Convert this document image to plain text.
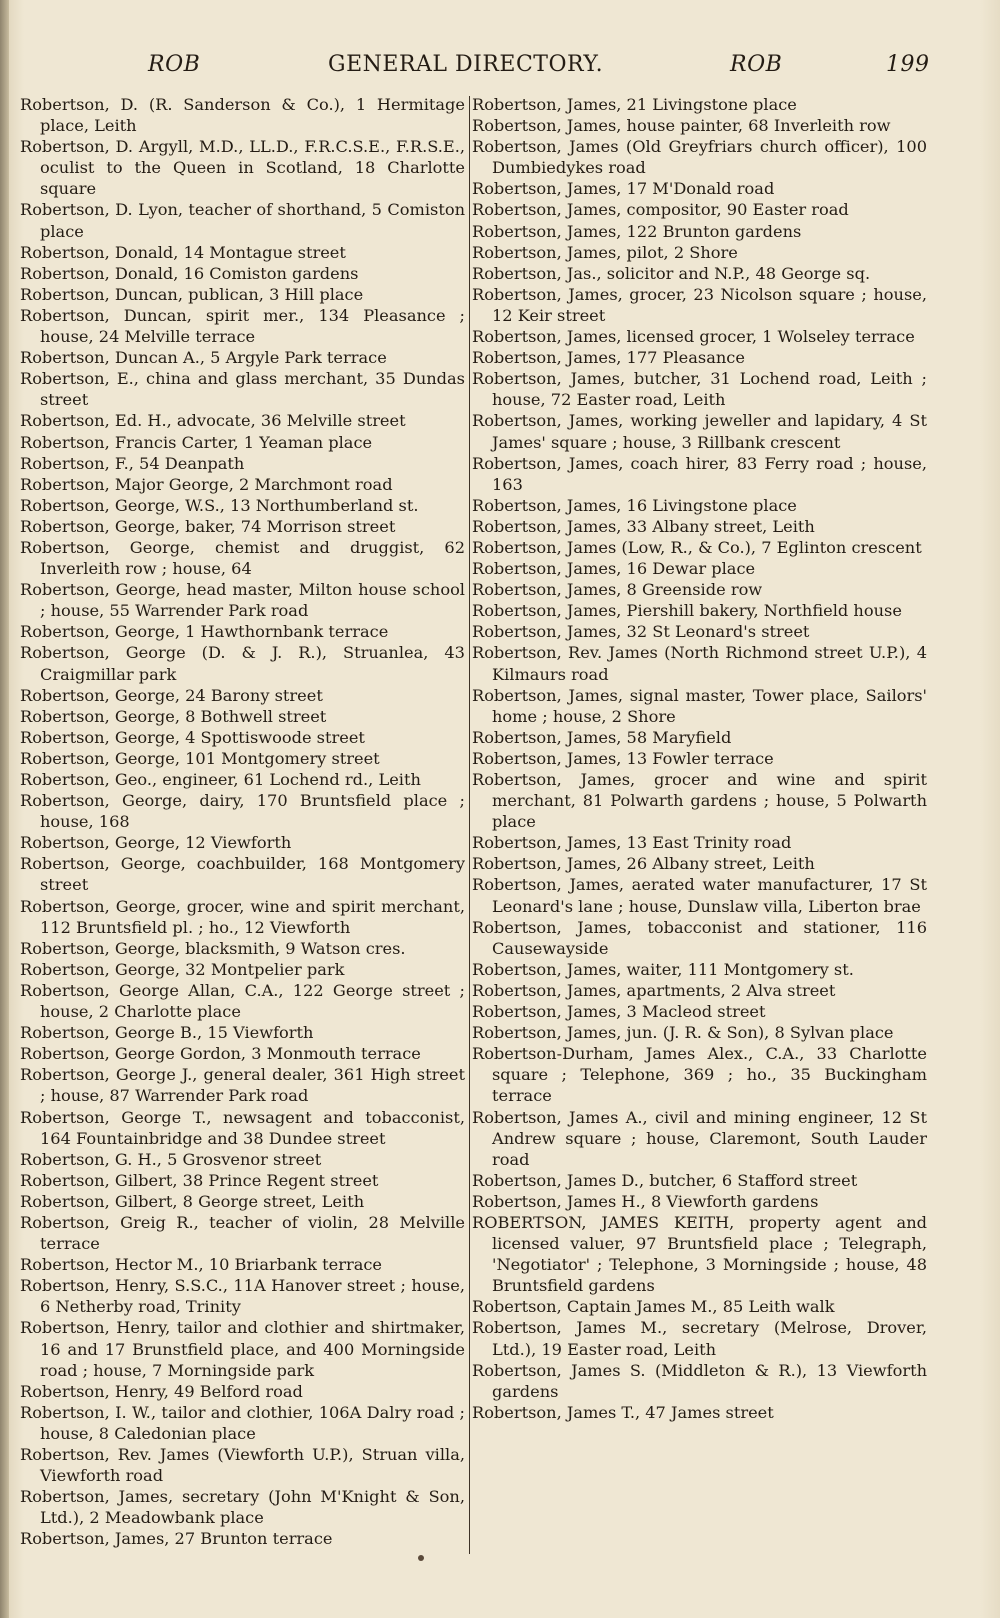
ROB	GENERAL DIRECTORY.	ROB	199

Robertson, D. (R. Sanderson & Co.), 1 Hermitage place, Leith

Robertson, D. Argyll, M.D., LL.D., F.R.C.S.E., F.R.S.E., oculist to the Queen in Scotland, 18 Charlotte square

Robertson, D. Lyon, teacher of shorthand, 5 Comiston place

Robertson, Donald, 14 Montague street

Robertson, Donald, 16 Comiston gardens

Robertson, Duncan, publican, 3 Hill place

Robertson, Duncan, spirit mer., 134 Pleasance ; house, 24 Melville terrace

Robertson, Duncan A., 5 Argyle Park terrace

Robertson, E., china and glass merchant, 35 Dundas street

Robertson, Ed. H., advocate, 36 Melville street

Robertson, Francis Carter, 1 Yeaman place

Robertson, F., 54 Deanpath

Robertson, Major George, 2 Marchmont road

Robertson, George, W.S., 13 Northumberland st.

Robertson, George, baker, 74 Morrison street

Robertson, George, chemist and druggist, 62 Inverleith row ; house, 64

Robertson, George, head master, Milton house school ; house, 55 Warrender Park road

Robertson, George, 1 Hawthornbank terrace

Robertson, George (D. & J. R.), Struanlea, 43 Craigmillar park

Robertson, George, 24 Barony street

Robertson, George, 8 Bothwell street

Robertson, George, 4 Spottiswoode street

Robertson, George, 101 Montgomery street

Robertson, Geo., engineer, 61 Lochend rd., Leith

Robertson, George, dairy, 170 Bruntsfield place ; house, 168

Robertson, George, 12 Viewforth

Robertson, George, coachbuilder, 168 Montgomery street

Robertson, George, grocer, wine and spirit merchant, 112 Bruntsfield pl. ; ho., 12 Viewforth

Robertson, George, blacksmith, 9 Watson cres.

Robertson, George, 32 Montpelier park

Robertson, George Allan, C.A., 122 George street ; house, 2 Charlotte place

Robertson, George B., 15 Viewforth

Robertson, George Gordon, 3 Monmouth terrace

Robertson, George J., general dealer, 361 High street ; house, 87 Warrender Park road

Robertson, George T., newsagent and tobacconist, 164 Fountainbridge and 38 Dundee street

Robertson, G. H., 5 Grosvenor street

Robertson, Gilbert, 38 Prince Regent street

Robertson, Gilbert, 8 George street, Leith

Robertson, Greig R., teacher of violin, 28 Melville terrace

Robertson, Hector M., 10 Briarbank terrace

Robertson, Henry, S.S.C., 11A Hanover street ; house, 6 Netherby road, Trinity

Robertson, Henry, tailor and clothier and shirtmaker, 16 and 17 Brunstfield place, and 400 Morningside road ; house, 7 Morningside park

Robertson, Henry, 49 Belford road

Robertson, I. W., tailor and clothier, 106A Dalry road ; house, 8 Caledonian place

Robertson, Rev. James (Viewforth U.P.), Struan villa, Viewforth road

Robertson, James, secretary (John M'Knight & Son, Ltd.), 2 Meadowbank place

Robertson, James, 27 Brunton terrace

Robertson, James, 21 Livingstone place

Robertson, James, house painter, 68 Inverleith row

Robertson, James (Old Greyfriars church officer), 100 Dumbiedykes road

Robertson, James, 17 M'Donald road

Robertson, James, compositor, 90 Easter road

Robertson, James, 122 Brunton gardens

Robertson, James, pilot, 2 Shore

Robertson, Jas., solicitor and N.P., 48 George sq.

Robertson, James, grocer, 23 Nicolson square ; house, 12 Keir street

Robertson, James, licensed grocer, 1 Wolseley terrace

Robertson, James, 177 Pleasance

Robertson, James, butcher, 31 Lochend road, Leith ; house, 72 Easter road, Leith

Robertson, James, working jeweller and lapidary, 4 St James' square ; house, 3 Rillbank crescent

Robertson, James, coach hirer, 83 Ferry road ; house, 163

Robertson, James, 16 Livingstone place

Robertson, James, 33 Albany street, Leith

Robertson, James (Low, R., & Co.), 7 Eglinton crescent

Robertson, James, 16 Dewar place

Robertson, James, 8 Greenside row

Robertson, James, Piershill bakery, Northfield house

Robertson, James, 32 St Leonard's street

Robertson, Rev. James (North Richmond street U.P.), 4 Kilmaurs road

Robertson, James, signal master, Tower place, Sailors' home ; house, 2 Shore

Robertson, James, 58 Maryfield

Robertson, James, 13 Fowler terrace

Robertson, James, grocer and wine and spirit merchant, 81 Polwarth gardens ; house, 5 Polwarth place

Robertson, James, 13 East Trinity road

Robertson, James, 26 Albany street, Leith

Robertson, James, aerated water manufacturer, 17 St Leonard's lane ; house, Dunslaw villa, Liberton brae

Robertson, James, tobacconist and stationer, 116 Causewayside

Robertson, James, waiter, 111 Montgomery st.

Robertson, James, apartments, 2 Alva street

Robertson, James, 3 Macleod street

Robertson, James, jun. (J. R. & Son), 8 Sylvan place

Robertson-Durham, James Alex., C.A., 33 Charlotte square ; Telephone, 369 ; ho., 35 Buckingham terrace

Robertson, James A., civil and mining engineer, 12 St Andrew square ; house, Claremont, South Lauder road

Robertson, James D., butcher, 6 Stafford street

Robertson, James H., 8 Viewforth gardens

ROBERTSON, JAMES KEITH, property agent and licensed valuer, 97 Bruntsfield place ; Telegraph, 'Negotiator' ; Telephone, 3 Morningside ; house, 48 Bruntsfield gardens

Robertson, Captain James M., 85 Leith walk

Robertson, James M., secretary (Melrose, Drover, Ltd.), 19 Easter road, Leith

Robertson, James S. (Middleton & R.), 13 Viewforth gardens

Robertson, James T., 47 James street
